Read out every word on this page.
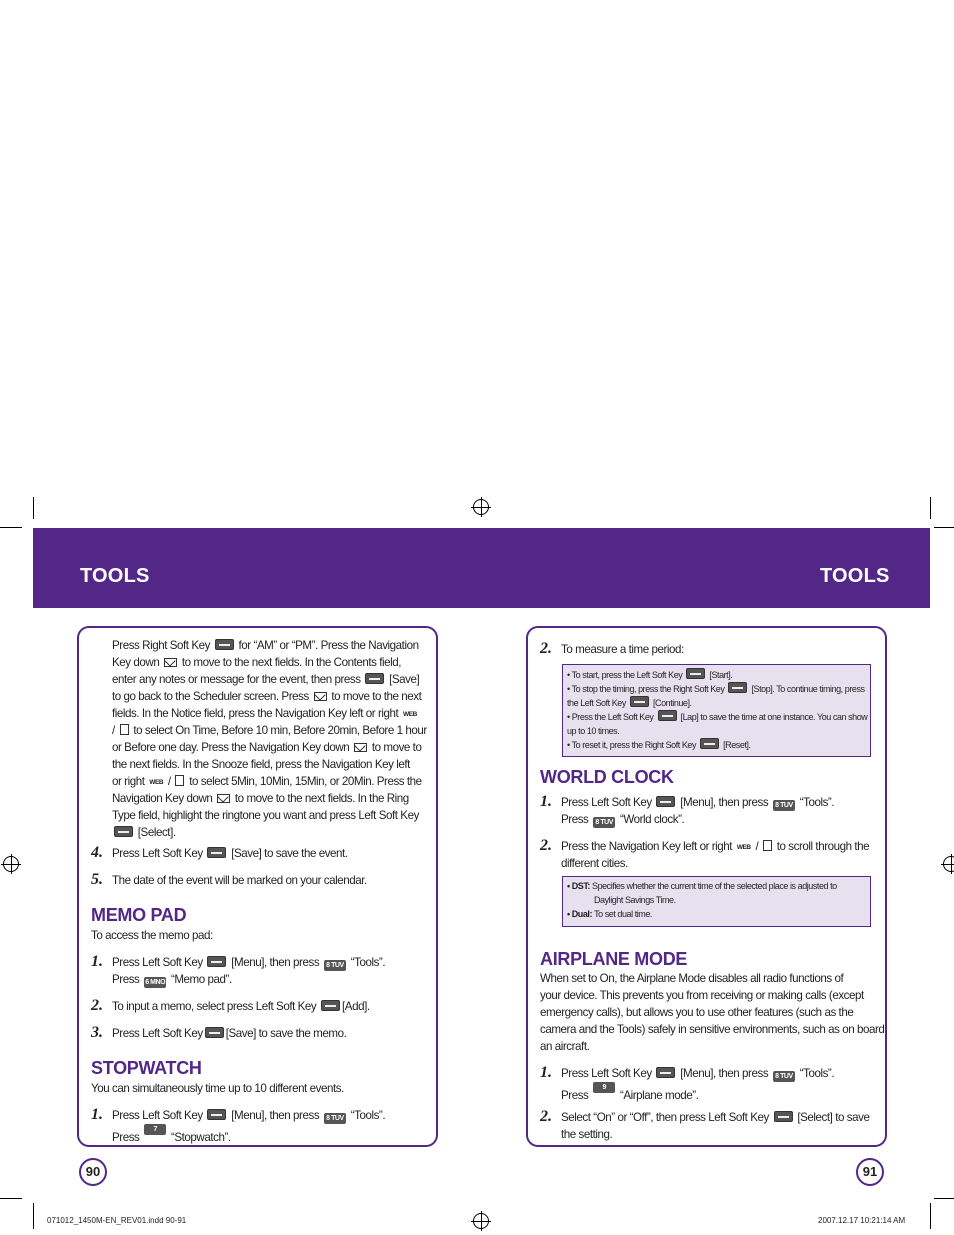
TOOLS	TOOLS
Press Right Soft Key  for “AM” or “PM”. Press the Navigation
Key down  to move to the next fields. In the Contents field,
enter any notes or message for the event, then press  [Save]
to go back to the Scheduler screen. Press  to move to the next
fields. In the Notice field, press the Navigation Key left or right WEB
/  to select On Time, Before 10 min, Before 20min, Before 1 hour
or Before one day. Press the Navigation Key down  to move to
the next fields. In the Snooze field, press the Navigation Key left
or right WEB /  to select 5Min, 10Min, 15Min, or 20Min. Press the
Navigation Key down  to move to the next fields. In the Ring
Type field, highlight the ringtone you want and press Left Soft Key
[Select].
4. Press Left Soft Key  [Save] to save the event.
5. The date of the event will be marked on your calendar.
MEMO PAD
To access the memo pad:
1. Press Left Soft Key  [Menu], then press 8 TUV “Tools”.
Press 6 MNO “Memo pad”.
2. To input a memo, select press Left Soft Key [Add].
3. Press Left Soft Key [Save] to save the memo.
STOPWATCH
You can simultaneously time up to 10 different events.
1. Press Left Soft Key  [Menu], then press 8 TUV “Tools”.
Press 7 PQRS “Stopwatch”.
90
2. To measure a time period:
• To start, press the Left Soft Key	[Start].
• To stop the timing, press the Right Soft Key	[Stop]. To continue timing, press
the Left Soft Key	[Continue].
• Press the Left Soft Key	[Lap] to save the time at one instance. You can show
up to 10 times.
• To reset it, press the Right Soft Key	[Reset].
WORLD CLOCK
1. Press Left Soft Key  [Menu], then press 8 TUV “Tools”.
Press 8 TUV “World clock”.
2. Press the Navigation Key left or right WEB /  to scroll through the
different cities.
• DST: Specifies whether the current time of the selected place is adjusted to
Daylight Savings Time.
• Dual: To set dual time.
AIRPLANE MODE
When set to On, the Airplane Mode disables all radio functions of
your device. This prevents you from receiving or making calls (except
emergency calls), but allows you to use other features (such as the
camera and the Tools) safely in sensitive environments, such as on board
an aircraft.
1. Press Left Soft Key  [Menu], then press 8 TUV “Tools”.
Press 9 WXYZ “Airplane mode”.
2. Select “On” or “Off”, then press Left Soft Key  [Select] to save
the setting.
91
071012_1450M-EN_REV01.indd 90-91	2007.12.17 10:21:14 AM
